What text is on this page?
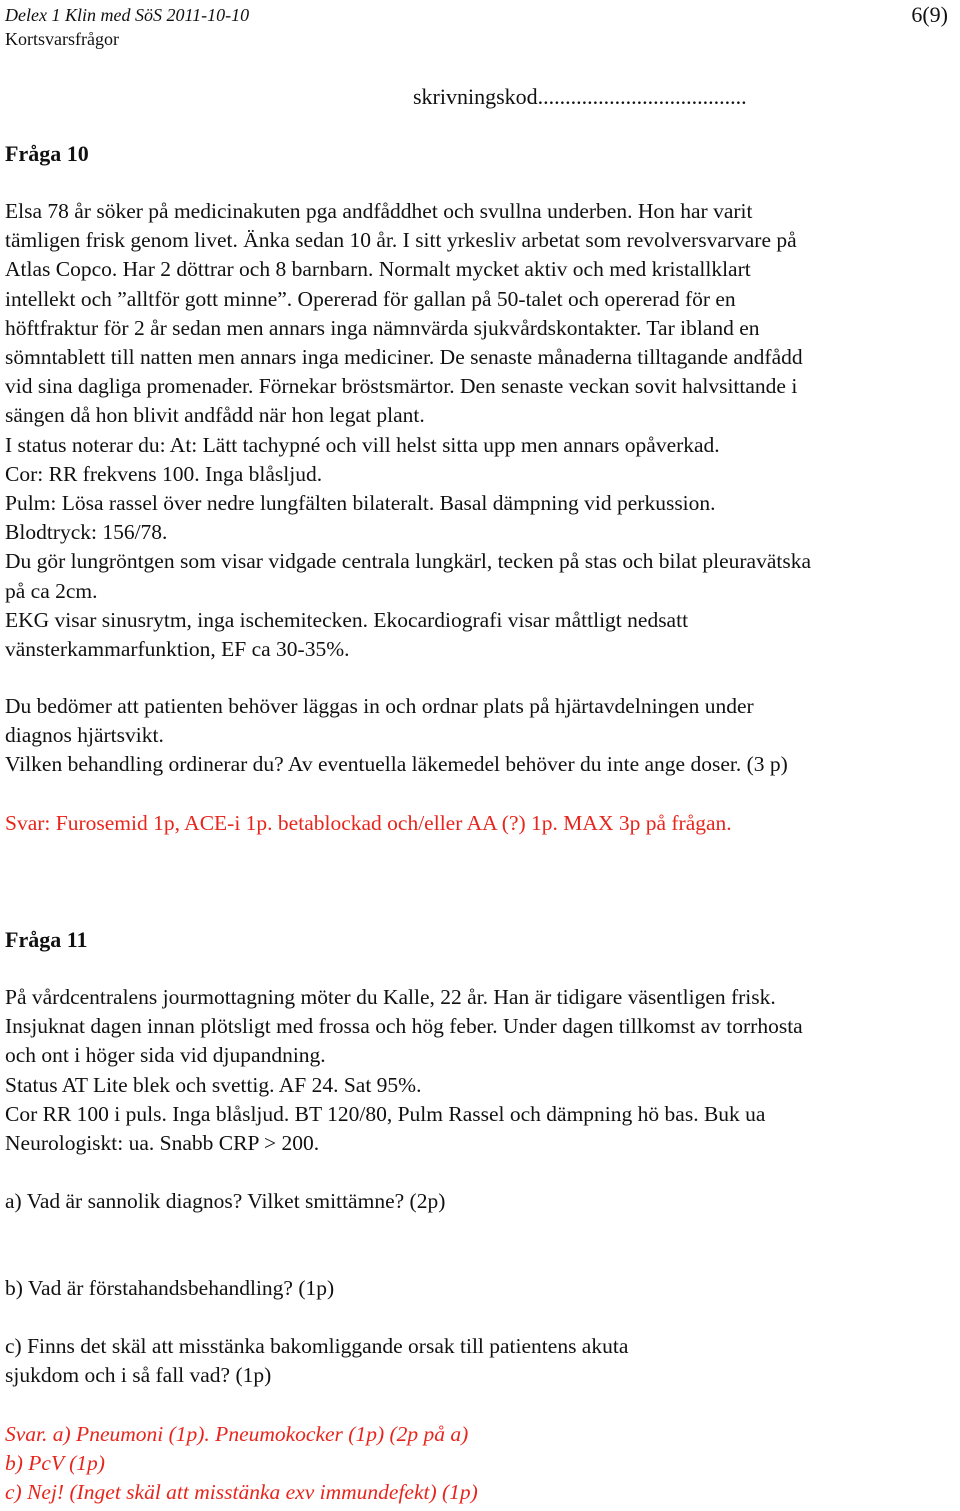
Delex 1 Klin med SöS 2011-10-10
Kortsvarsfrågor
6(9)
skrivningskod......................................
Fråga 10

Elsa 78 år söker på medicinakuten pga andfåddhet och svullna underben. Hon har varit

tämligen frisk genom livet. Änka sedan 10 år. I sitt yrkesliv arbetat som revolversvarvare på

Atlas Copco. Har 2 döttrar och 8 barnbarn. Normalt mycket aktiv och med kristallklart

intellekt och ”alltför gott minne”. Opererad för gallan på 50-talet och opererad för en

höftfraktur för 2 år sedan men annars inga nämnvärda sjukvårdskontakter. Tar ibland en

sömntablett till natten men annars inga mediciner. De senaste månaderna tilltagande andfådd

vid sina dagliga promenader. Förnekar bröstsmärtor. Den senaste veckan sovit halvsittande i

sängen då hon blivit andfådd när hon legat plant.

I status noterar du: At: Lätt tachypné och vill helst sitta upp men annars opåverkad.

Cor: RR frekvens 100. Inga blåsljud.

Pulm: Lösa rassel över nedre lungfälten bilateralt. Basal dämpning vid perkussion.

Blodtryck: 156/78.

Du gör lungröntgen som visar vidgade centrala lungkärl, tecken på stas och bilat pleuravätska

på ca 2cm.

EKG visar sinusrytm, inga ischemitecken. Ekocardiografi visar måttligt nedsatt

vänsterkammarfunktion, EF ca 30-35%.

Du bedömer att patienten behöver läggas in och ordnar plats på hjärtavdelningen under

diagnos hjärtsvikt.

Vilken behandling ordinerar du? Av eventuella läkemedel behöver du inte ange doser. (3 p)

Svar: Furosemid 1p, ACE-i 1p. betablockad och/eller AA (?) 1p. MAX 3p på frågan.

Fråga 11

På vårdcentralens jourmottagning möter du Kalle, 22 år. Han är tidigare väsentligen frisk.

Insjuknat dagen innan plötsligt med frossa och hög feber. Under dagen tillkomst av torrhosta

och ont i höger sida vid djupandning.

Status AT Lite blek och svettig. AF 24. Sat 95%.

Cor RR 100 i puls. Inga blåsljud. BT 120/80, Pulm Rassel och dämpning hö bas. Buk ua

Neurologiskt: ua. Snabb CRP > 200.

a) Vad är sannolik diagnos? Vilket smittämne? (2p)

b) Vad är förstahandsbehandling? (1p)

c) Finns det skäl att misstänka bakomliggande orsak till patientens akuta

sjukdom och i så fall vad? (1p)

Svar. a) Pneumoni (1p). Pneumokocker (1p) (2p på a)

b) PcV (1p)

c) Nej! (Inget skäl att misstänka exv immundefekt) (1p)
